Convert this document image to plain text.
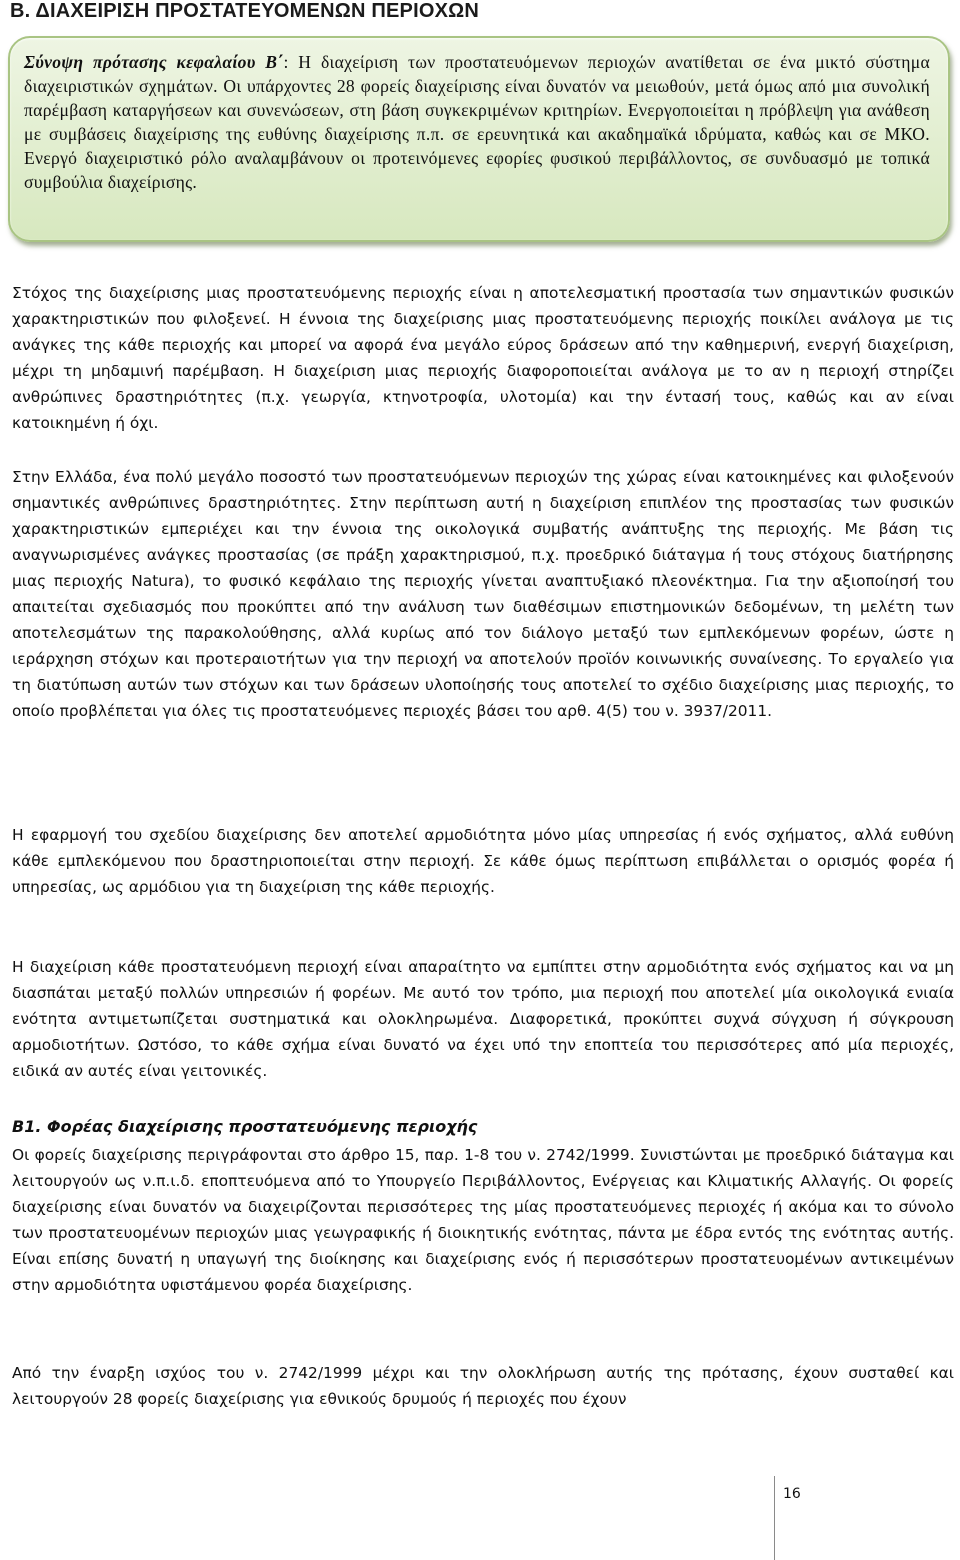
Β. ΔΙΑΧΕΙΡΙΣΗ ΠΡΟΣΤΑΤΕΥΟΜΕΝΩΝ ΠΕΡΙΟΧΩΝ

Σύνοψη πρότασης κεφαλαίου Β΄: Η διαχείριση των προστατευόμενων περιοχών ανατίθεται σε ένα μικτό σύστημα διαχειριστικών σχημάτων. Οι υπάρχοντες 28 φορείς διαχείρισης είναι δυνατόν να μειωθούν, μετά όμως από μια συνολική παρέμβαση καταργήσεων και συνενώσεων, στη βάση συγκεκριμένων κριτηρίων. Ενεργοποιείται η πρόβλεψη για ανάθεση με συμβάσεις διαχείρισης της ευθύνης διαχείρισης π.π. σε ερευνητικά και ακαδημαϊκά ιδρύματα, καθώς και σε ΜΚΟ. Ενεργό διαχειριστικό ρόλο αναλαμβάνουν οι προτεινόμενες εφορίες φυσικού περιβάλλοντος, σε συνδυασμό με τοπικά συμβούλια διαχείρισης.

Στόχος της διαχείρισης μιας προστατευόμενης περιοχής είναι η αποτελεσματική προστασία των σημαντικών φυσικών χαρακτηριστικών που φιλοξενεί. Η έννοια της διαχείρισης μιας προστατευόμενης περιοχής ποικίλει ανάλογα με τις ανάγκες της κάθε περιοχής και μπορεί να αφορά ένα μεγάλο εύρος δράσεων από την καθημερινή, ενεργή διαχείριση, μέχρι τη μηδαμινή παρέμβαση. Η διαχείριση μιας περιοχής διαφοροποιείται ανάλογα με το αν η περιοχή στηρίζει ανθρώπινες δραστηριότητες (π.χ. γεωργία, κτηνοτροφία, υλοτομία) και την έντασή τους, καθώς και αν είναι κατοικημένη ή όχι.

Στην Ελλάδα, ένα πολύ μεγάλο ποσοστό των προστατευόμενων περιοχών της χώρας είναι κατοικημένες και φιλοξενούν σημαντικές ανθρώπινες δραστηριότητες. Στην περίπτωση αυτή η διαχείριση επιπλέον της προστασίας των φυσικών χαρακτηριστικών εμπεριέχει και την έννοια της οικολογικά συμβατής ανάπτυξης της περιοχής. Με βάση τις αναγνωρισμένες ανάγκες προστασίας (σε πράξη χαρακτηρισμού, π.χ. προεδρικό διάταγμα ή τους στόχους διατήρησης μιας περιοχής Natura), το φυσικό κεφάλαιο της περιοχής γίνεται αναπτυξιακό πλεονέκτημα. Για την αξιοποίησή του απαιτείται σχεδιασμός που προκύπτει από την ανάλυση των διαθέσιμων επιστημονικών δεδομένων, τη μελέτη των αποτελεσμάτων της παρακολούθησης, αλλά κυρίως από τον διάλογο μεταξύ των εμπλεκόμενων φορέων, ώστε η ιεράρχηση στόχων και προτεραιοτήτων για την περιοχή να αποτελούν προϊόν κοινωνικής συναίνεσης. Το εργαλείο για τη διατύπωση αυτών των στόχων και των δράσεων υλοποίησής τους αποτελεί το σχέδιο διαχείρισης μιας περιοχής, το οποίο προβλέπεται για όλες τις προστατευόμενες περιοχές βάσει του αρθ. 4(5) του ν. 3937/2011.

Η εφαρμογή του σχεδίου διαχείρισης δεν αποτελεί αρμοδιότητα μόνο μίας υπηρεσίας ή ενός σχήματος, αλλά ευθύνη κάθε εμπλεκόμενου που δραστηριοποιείται στην περιοχή. Σε κάθε όμως περίπτωση επιβάλλεται ο ορισμός φορέα ή υπηρεσίας, ως αρμόδιου για τη διαχείριση της κάθε περιοχής.

Η διαχείριση κάθε προστατευόμενη περιοχή είναι απαραίτητο να εμπίπτει στην αρμοδιότητα ενός σχήματος και να μη διασπάται μεταξύ πολλών υπηρεσιών ή φορέων. Με αυτό τον τρόπο, μια περιοχή που αποτελεί μία οικολογικά ενιαία ενότητα αντιμετωπίζεται συστηματικά και ολοκληρωμένα. Διαφορετικά, προκύπτει συχνά σύγχυση ή σύγκρουση αρμοδιοτήτων. Ωστόσο, το κάθε σχήμα είναι δυνατό να έχει υπό την εποπτεία του περισσότερες από μία περιοχές, ειδικά αν αυτές είναι γειτονικές.

Β1. Φορέας διαχείρισης προστατευόμενης περιοχής

Οι φορείς διαχείρισης περιγράφονται στο άρθρο 15, παρ. 1-8 του ν. 2742/1999. Συνιστώνται με προεδρικό διάταγμα και λειτουργούν ως ν.π.ι.δ. εποπτευόμενα από το Υπουργείο Περιβάλλοντος, Ενέργειας και Κλιματικής Αλλαγής. Οι φορείς διαχείρισης είναι δυνατόν να διαχειρίζονται περισσότερες της μίας προστατευόμενες περιοχές ή ακόμα και το σύνολο των προστατευομένων περιοχών μιας γεωγραφικής ή διοικητικής ενότητας, πάντα με έδρα εντός της ενότητας αυτής. Είναι επίσης δυνατή η υπαγωγή της διοίκησης και διαχείρισης ενός ή περισσότερων προστατευομένων αντικειμένων στην αρμοδιότητα υφιστάμενου φορέα διαχείρισης.

Από την έναρξη ισχύος του ν. 2742/1999 μέχρι και την ολοκλήρωση αυτής της πρότασης, έχουν συσταθεί και λειτουργούν 28 φορείς διαχείρισης για εθνικούς δρυμούς ή περιοχές που έχουν

16
